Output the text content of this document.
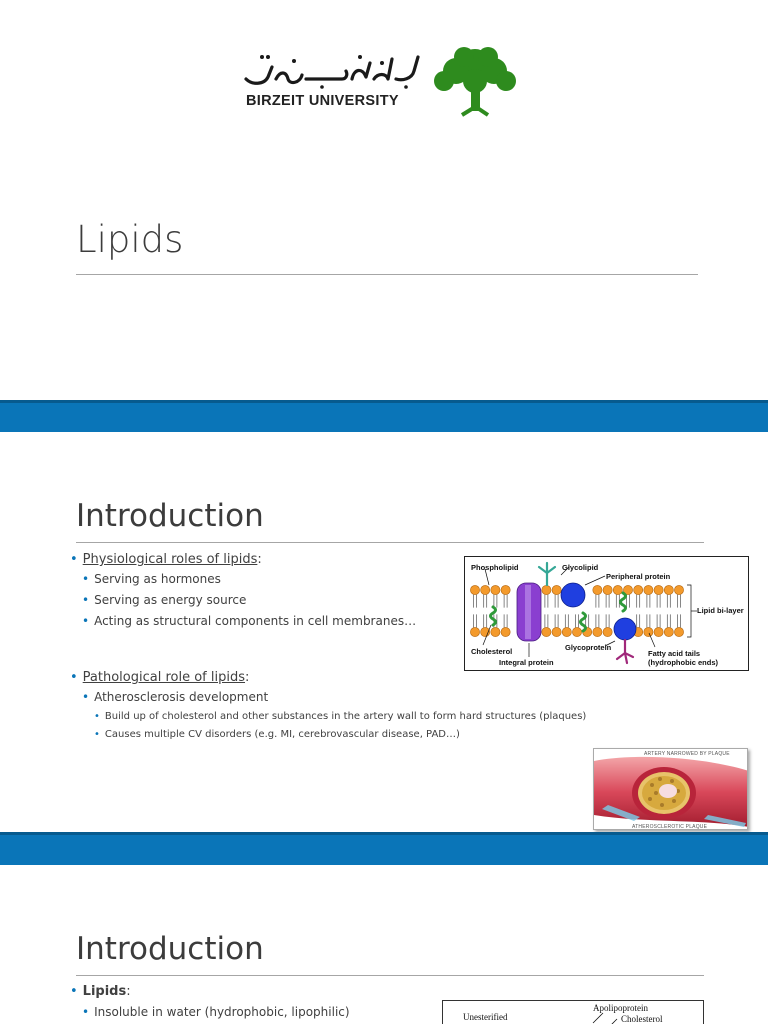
BIRZEIT UNIVERSITY
Lipids
Introduction
• Physiological roles of lipids:
• Serving as hormones
• Serving as energy source
• Acting as structural components in cell membranes…
• Pathological role of lipids:
• Atherosclerosis development
• Build up of cholesterol and other substances in the artery wall to form hard structures (plaques)
• Causes multiple CV disorders (e.g. MI, cerebrovascular disease, PAD…)
Phospholipid	Glycolipid
Peripheral protein
Lipid bi-layer
Cholesterol
Integral protein
Glycoprotein
Fatty acid tails
(hydrophobic ends)
ARTERY NARROWED BY PLAQUE
ATHEROSCLEROTIC PLAQUE
Introduction
• Lipids:
• Insoluble in water (hydrophobic, lipophilic)	Apolipoprotein
Unesterified	Cholesterol
